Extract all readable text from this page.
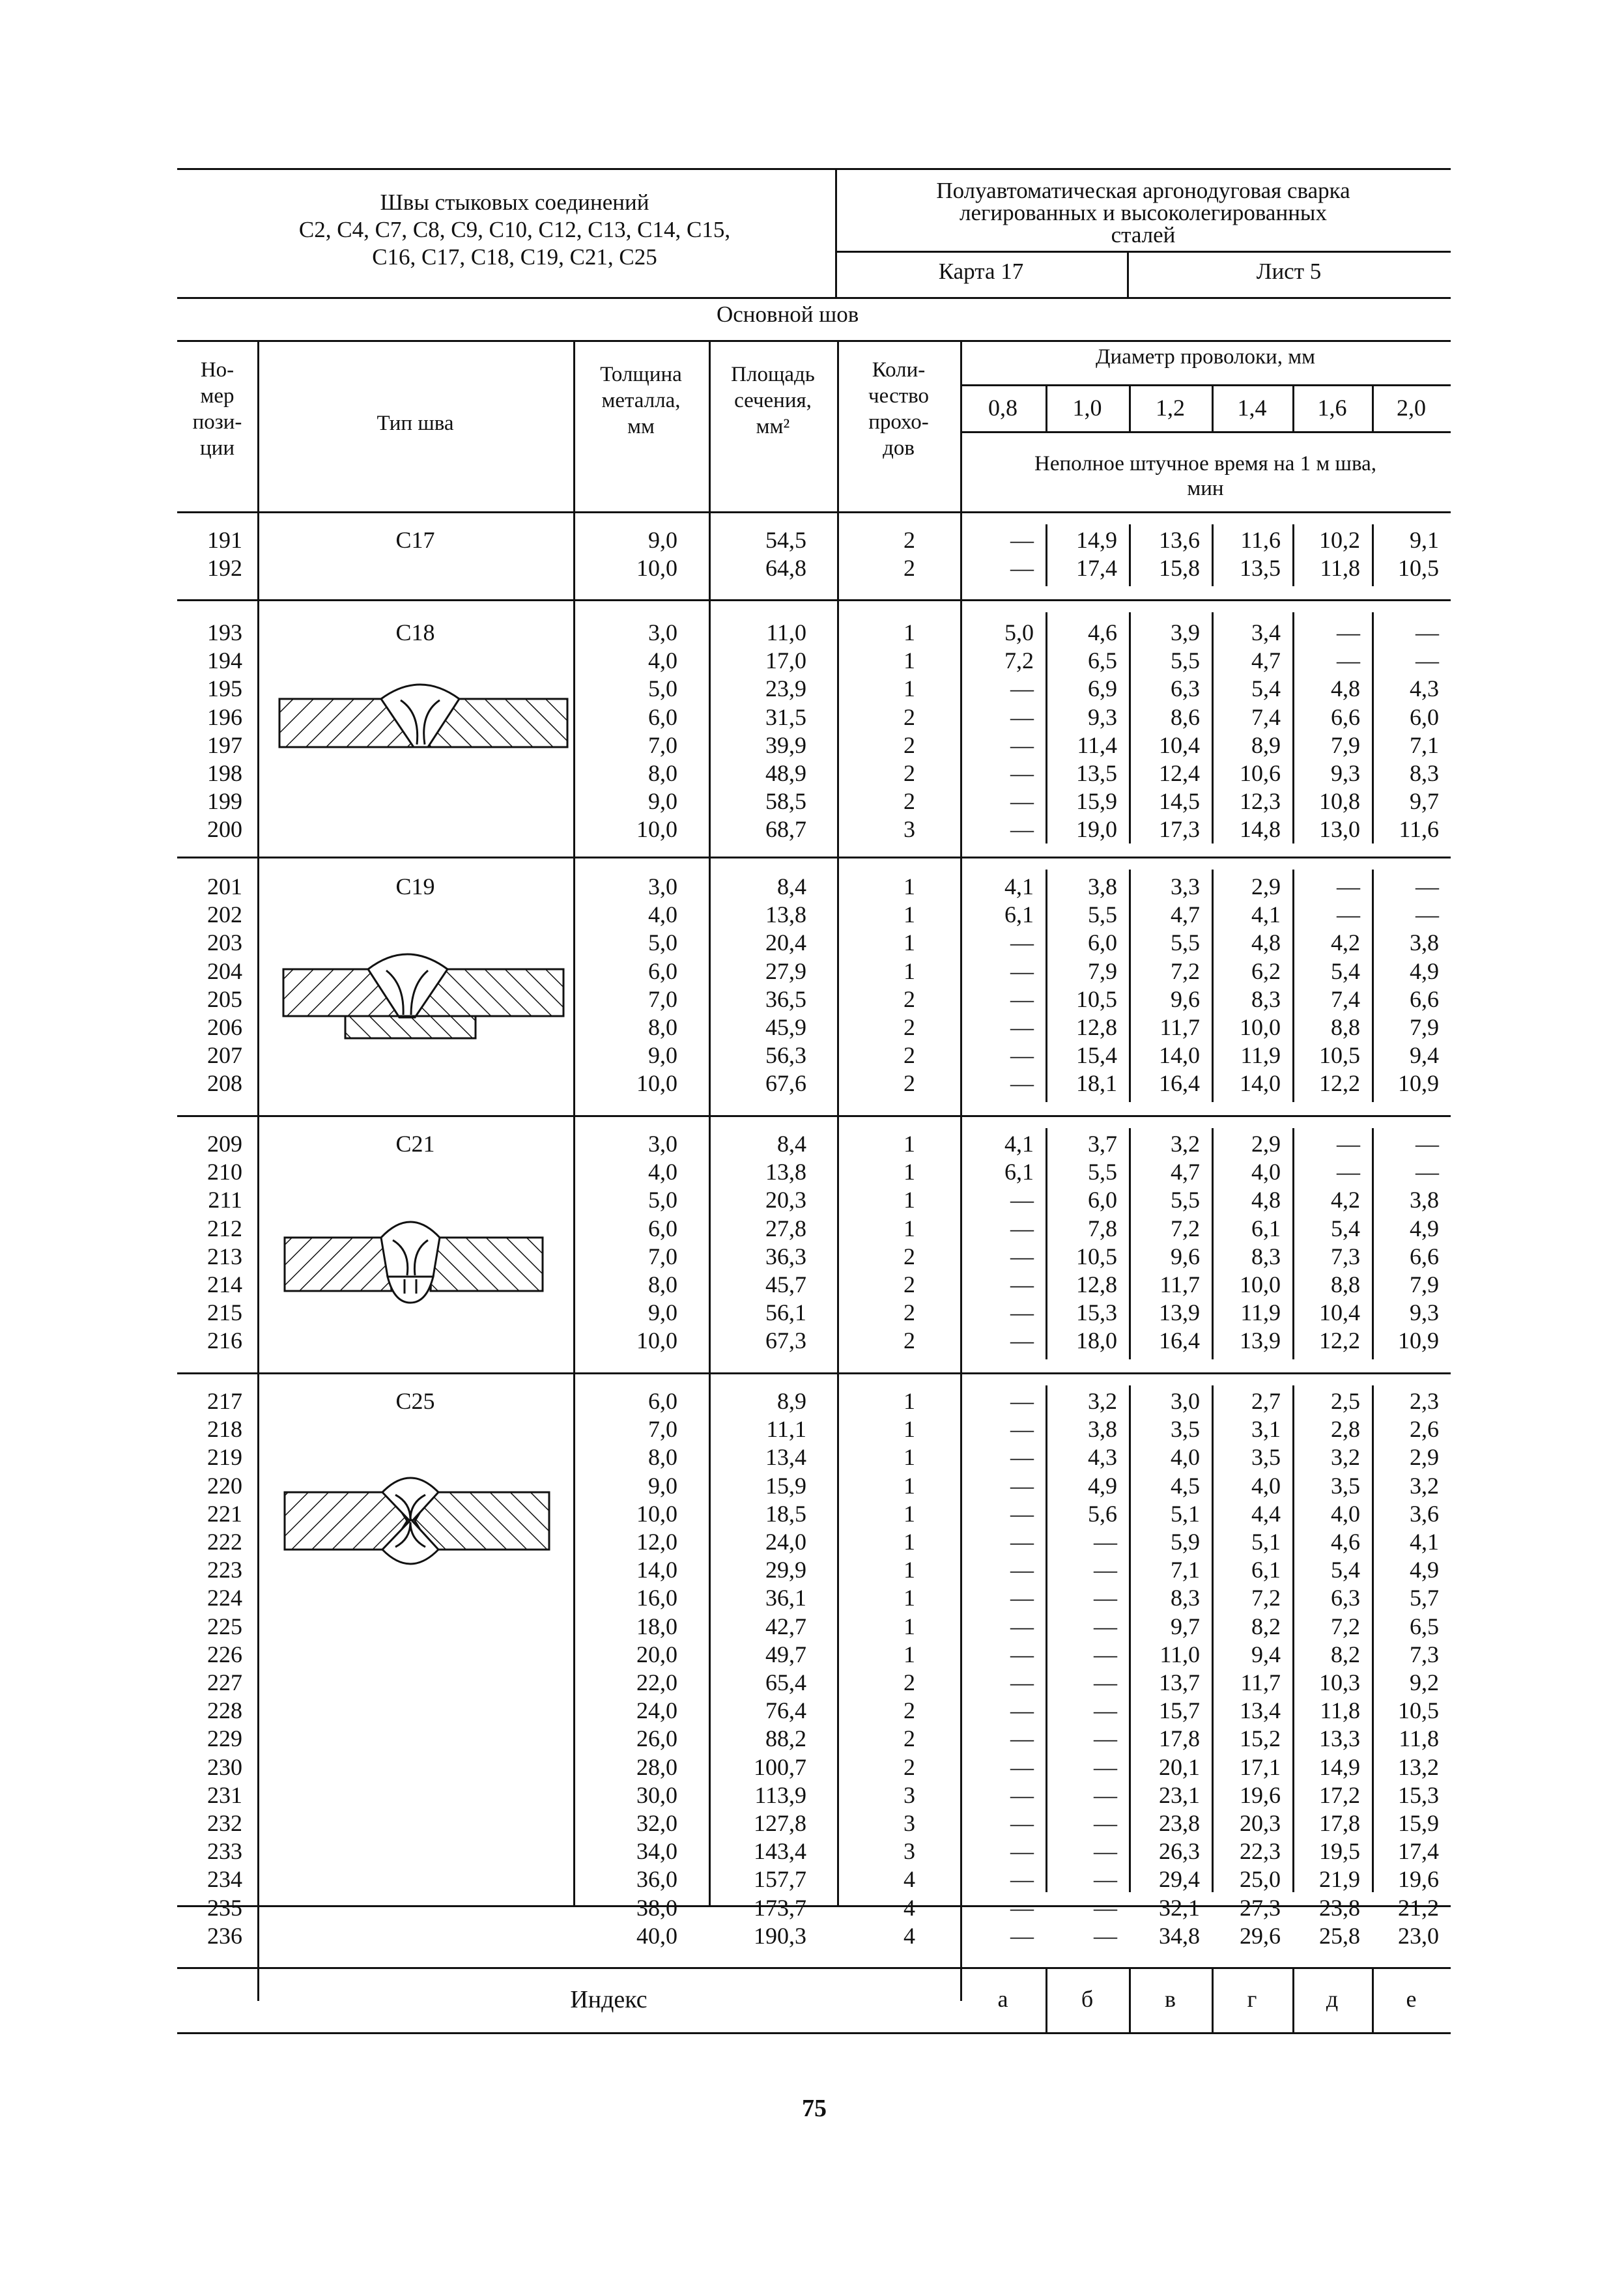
Швы стыковых соединений
С2, С4, С7, С8, С9, С10, С12, С13, С14, С15,
С16, С17, С18, С19, С21, С25
Полуавтоматическая аргонодуговая сварка
легированных и высоколегированных
сталей
Карта 17	Лист 5
Основной шов
Но-
мер
пози-
ции
Тип шва
Толщина
металла,
мм
Площадь
сечения,
мм²
Коли-
чество
прохо-
дов
Диаметр проволоки, мм
0,8	1,0	1,2	1,4	1,6	2,0
Неполное штучное время на 1 м шва,
мин
С17
191	9,0	54,5	2	—	14,9	13,6	11,6	10,2	9,1
192	10,0	64,8	2	—	17,4	15,8	13,5	11,8	10,5
С18
193	3,0	11,0	1	5,0	4,6	3,9	3,4	—	—
194	4,0	17,0	1	7,2	6,5	5,5	4,7	—	—
195	5,0	23,9	1	—	6,9	6,3	5,4	4,8	4,3
196	6,0	31,5	2	—	9,3	8,6	7,4	6,6	6,0
197	7,0	39,9	2	—	11,4	10,4	8,9	7,9	7,1
198	8,0	48,9	2	—	13,5	12,4	10,6	9,3	8,3
199	9,0	58,5	2	—	15,9	14,5	12,3	10,8	9,7
200	10,0	68,7	3	—	19,0	17,3	14,8	13,0	11,6
С19
201	3,0	8,4	1	4,1	3,8	3,3	2,9	—	—
202	4,0	13,8	1	6,1	5,5	4,7	4,1	—	—
203	5,0	20,4	1	—	6,0	5,5	4,8	4,2	3,8
204	6,0	27,9	1	—	7,9	7,2	6,2	5,4	4,9
205	7,0	36,5	2	—	10,5	9,6	8,3	7,4	6,6
206	8,0	45,9	2	—	12,8	11,7	10,0	8,8	7,9
207	9,0	56,3	2	—	15,4	14,0	11,9	10,5	9,4
208	10,0	67,6	2	—	18,1	16,4	14,0	12,2	10,9
С21
209	3,0	8,4	1	4,1	3,7	3,2	2,9	—	—
210	4,0	13,8	1	6,1	5,5	4,7	4,0	—	—
211	5,0	20,3	1	—	6,0	5,5	4,8	4,2	3,8
212	6,0	27,8	1	—	7,8	7,2	6,1	5,4	4,9
213	7,0	36,3	2	—	10,5	9,6	8,3	7,3	6,6
214	8,0	45,7	2	—	12,8	11,7	10,0	8,8	7,9
215	9,0	56,1	2	—	15,3	13,9	11,9	10,4	9,3
216	10,0	67,3	2	—	18,0	16,4	13,9	12,2	10,9
С25
217	6,0	8,9	1	—	3,2	3,0	2,7	2,5	2,3
218	7,0	11,1	1	—	3,8	3,5	3,1	2,8	2,6
219	8,0	13,4	1	—	4,3	4,0	3,5	3,2	2,9
220	9,0	15,9	1	—	4,9	4,5	4,0	3,5	3,2
221	10,0	18,5	1	—	5,6	5,1	4,4	4,0	3,6
222	12,0	24,0	1	—	—	5,9	5,1	4,6	4,1
223	14,0	29,9	1	—	—	7,1	6,1	5,4	4,9
224	16,0	36,1	1	—	—	8,3	7,2	6,3	5,7
225	18,0	42,7	1	—	—	9,7	8,2	7,2	6,5
226	20,0	49,7	1	—	—	11,0	9,4	8,2	7,3
227	22,0	65,4	2	—	—	13,7	11,7	10,3	9,2
228	24,0	76,4	2	—	—	15,7	13,4	11,8	10,5
229	26,0	88,2	2	—	—	17,8	15,2	13,3	11,8
230	28,0	100,7	2	—	—	20,1	17,1	14,9	13,2
231	30,0	113,9	3	—	—	23,1	19,6	17,2	15,3
232	32,0	127,8	3	—	—	23,8	20,3	17,8	15,9
233	34,0	143,4	3	—	—	26,3	22,3	19,5	17,4
234	36,0	157,7	4	—	—	29,4	25,0	21,9	19,6
235	38,0	173,7	4	—	—	32,1	27,3	23,8	21,2
236	40,0	190,3	4	—	—	34,8	29,6	25,8	23,0
Индекс	а	б	в	г	д	е
75
